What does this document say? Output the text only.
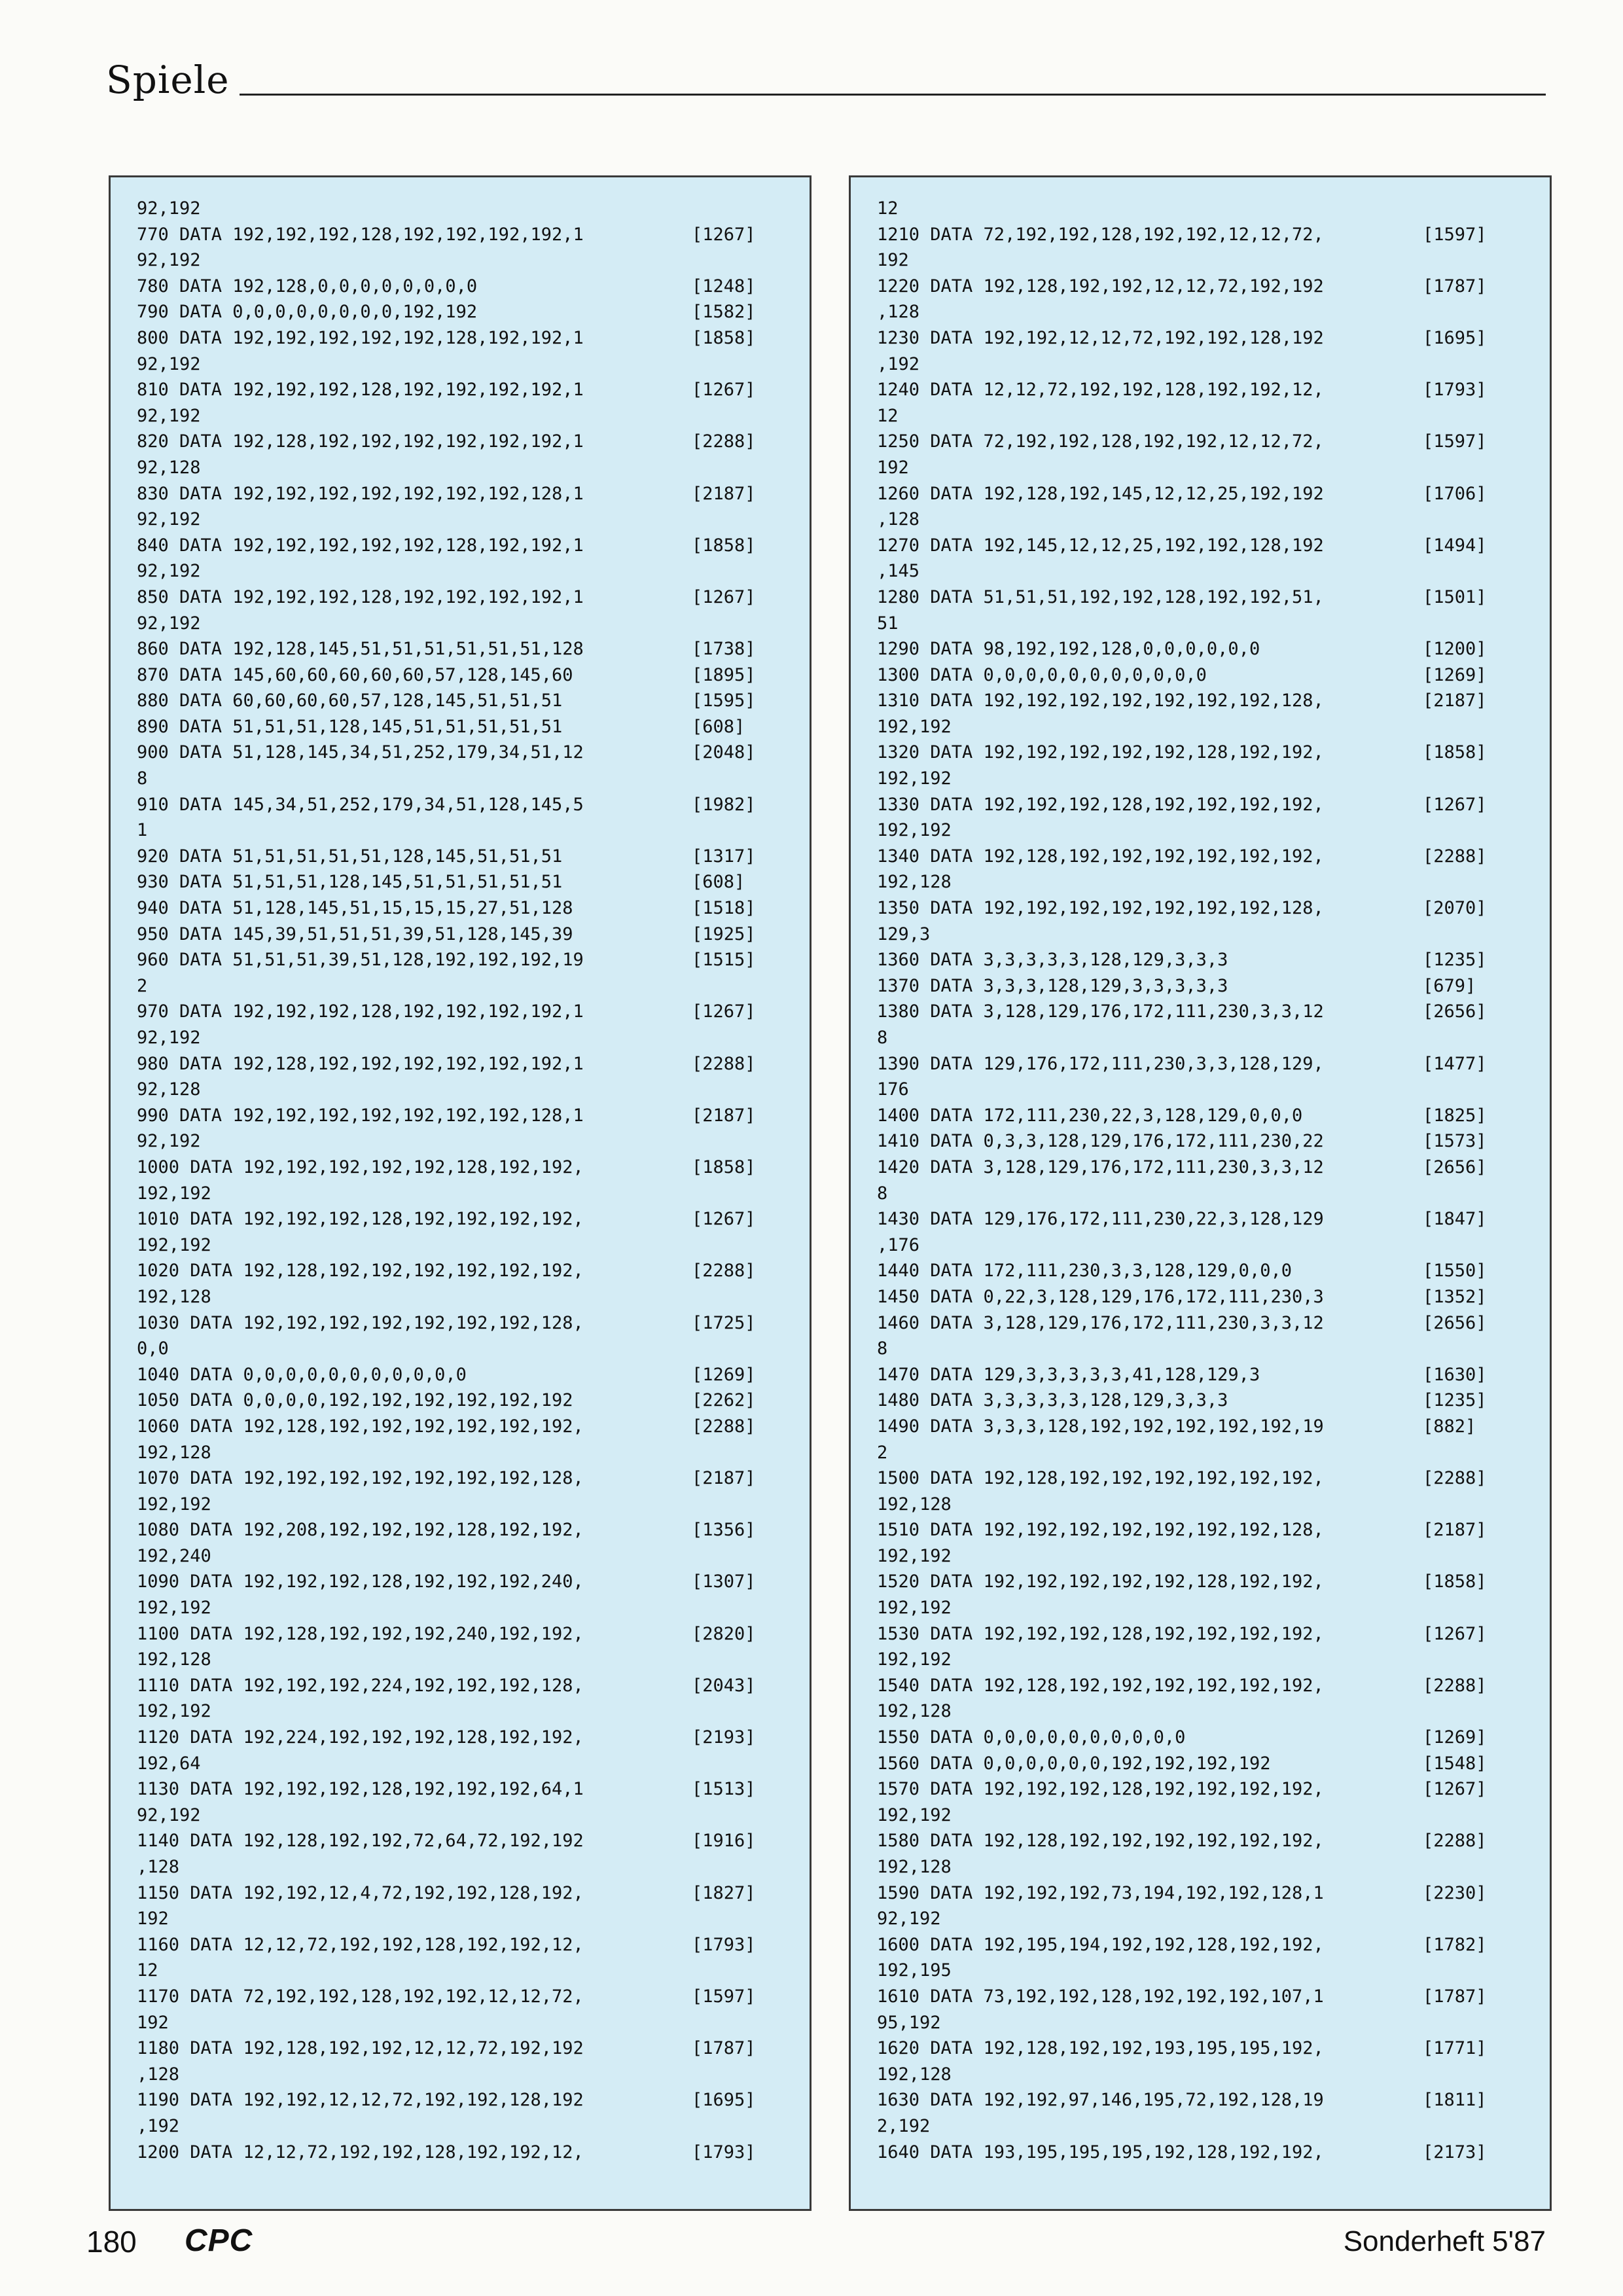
Spiele
92,192
770 DATA 192,192,192,128,192,192,192,192,1	[1267]
92,192
780 DATA 192,128,0,0,0,0,0,0,0,0	[1248]
790 DATA 0,0,0,0,0,0,0,0,192,192	[1582]
800 DATA 192,192,192,192,192,128,192,192,1	[1858]
92,192
810 DATA 192,192,192,128,192,192,192,192,1	[1267]
92,192
820 DATA 192,128,192,192,192,192,192,192,1	[2288]
92,128
830 DATA 192,192,192,192,192,192,192,128,1	[2187]
92,192
840 DATA 192,192,192,192,192,128,192,192,1	[1858]
92,192
850 DATA 192,192,192,128,192,192,192,192,1	[1267]
92,192
860 DATA 192,128,145,51,51,51,51,51,51,128	[1738]
870 DATA 145,60,60,60,60,60,57,128,145,60	[1895]
880 DATA 60,60,60,60,57,128,145,51,51,51	[1595]
890 DATA 51,51,51,128,145,51,51,51,51,51	[608]
900 DATA 51,128,145,34,51,252,179,34,51,12	[2048]
8
910 DATA 145,34,51,252,179,34,51,128,145,5	[1982]
1
920 DATA 51,51,51,51,51,128,145,51,51,51	[1317]
930 DATA 51,51,51,128,145,51,51,51,51,51	[608]
940 DATA 51,128,145,51,15,15,15,27,51,128	[1518]
950 DATA 145,39,51,51,51,39,51,128,145,39	[1925]
960 DATA 51,51,51,39,51,128,192,192,192,19	[1515]
2
970 DATA 192,192,192,128,192,192,192,192,1	[1267]
92,192
980 DATA 192,128,192,192,192,192,192,192,1	[2288]
92,128
990 DATA 192,192,192,192,192,192,192,128,1	[2187]
92,192
1000 DATA 192,192,192,192,192,128,192,192,	[1858]
192,192
1010 DATA 192,192,192,128,192,192,192,192,	[1267]
192,192
1020 DATA 192,128,192,192,192,192,192,192,	[2288]
192,128
1030 DATA 192,192,192,192,192,192,192,128,	[1725]
0,0
1040 DATA 0,0,0,0,0,0,0,0,0,0,0	[1269]
1050 DATA 0,0,0,0,192,192,192,192,192,192	[2262]
1060 DATA 192,128,192,192,192,192,192,192,	[2288]
192,128
1070 DATA 192,192,192,192,192,192,192,128,	[2187]
192,192
1080 DATA 192,208,192,192,192,128,192,192,	[1356]
192,240
1090 DATA 192,192,192,128,192,192,192,240,	[1307]
192,192
1100 DATA 192,128,192,192,192,240,192,192,	[2820]
192,128
1110 DATA 192,192,192,224,192,192,192,128,	[2043]
192,192
1120 DATA 192,224,192,192,192,128,192,192,	[2193]
192,64
1130 DATA 192,192,192,128,192,192,192,64,1	[1513]
92,192
1140 DATA 192,128,192,192,72,64,72,192,192	[1916]
,128
1150 DATA 192,192,12,4,72,192,192,128,192,	[1827]
192
1160 DATA 12,12,72,192,192,128,192,192,12,	[1793]
12
1170 DATA 72,192,192,128,192,192,12,12,72,	[1597]
192
1180 DATA 192,128,192,192,12,12,72,192,192	[1787]
,128
1190 DATA 192,192,12,12,72,192,192,128,192	[1695]
,192
1200 DATA 12,12,72,192,192,128,192,192,12,	[1793]
12
1210 DATA 72,192,192,128,192,192,12,12,72,	[1597]
192
1220 DATA 192,128,192,192,12,12,72,192,192	[1787]
,128
1230 DATA 192,192,12,12,72,192,192,128,192	[1695]
,192
1240 DATA 12,12,72,192,192,128,192,192,12,	[1793]
12
1250 DATA 72,192,192,128,192,192,12,12,72,	[1597]
192
1260 DATA 192,128,192,145,12,12,25,192,192	[1706]
,128
1270 DATA 192,145,12,12,25,192,192,128,192	[1494]
,145
1280 DATA 51,51,51,192,192,128,192,192,51,	[1501]
51
1290 DATA 98,192,192,128,0,0,0,0,0,0	[1200]
1300 DATA 0,0,0,0,0,0,0,0,0,0,0	[1269]
1310 DATA 192,192,192,192,192,192,192,128,	[2187]
192,192
1320 DATA 192,192,192,192,192,128,192,192,	[1858]
192,192
1330 DATA 192,192,192,128,192,192,192,192,	[1267]
192,192
1340 DATA 192,128,192,192,192,192,192,192,	[2288]
192,128
1350 DATA 192,192,192,192,192,192,192,128,	[2070]
129,3
1360 DATA 3,3,3,3,3,128,129,3,3,3	[1235]
1370 DATA 3,3,3,128,129,3,3,3,3,3	[679]
1380 DATA 3,128,129,176,172,111,230,3,3,12	[2656]
8
1390 DATA 129,176,172,111,230,3,3,128,129,	[1477]
176
1400 DATA 172,111,230,22,3,128,129,0,0,0	[1825]
1410 DATA 0,3,3,128,129,176,172,111,230,22	[1573]
1420 DATA 3,128,129,176,172,111,230,3,3,12	[2656]
8
1430 DATA 129,176,172,111,230,22,3,128,129	[1847]
,176
1440 DATA 172,111,230,3,3,128,129,0,0,0	[1550]
1450 DATA 0,22,3,128,129,176,172,111,230,3	[1352]
1460 DATA 3,128,129,176,172,111,230,3,3,12	[2656]
8
1470 DATA 129,3,3,3,3,3,41,128,129,3	[1630]
1480 DATA 3,3,3,3,3,128,129,3,3,3	[1235]
1490 DATA 3,3,3,128,192,192,192,192,192,19	[882]
2
1500 DATA 192,128,192,192,192,192,192,192,	[2288]
192,128
1510 DATA 192,192,192,192,192,192,192,128,	[2187]
192,192
1520 DATA 192,192,192,192,192,128,192,192,	[1858]
192,192
1530 DATA 192,192,192,128,192,192,192,192,	[1267]
192,192
1540 DATA 192,128,192,192,192,192,192,192,	[2288]
192,128
1550 DATA 0,0,0,0,0,0,0,0,0,0	[1269]
1560 DATA 0,0,0,0,0,0,192,192,192,192	[1548]
1570 DATA 192,192,192,128,192,192,192,192,	[1267]
192,192
1580 DATA 192,128,192,192,192,192,192,192,	[2288]
192,128
1590 DATA 192,192,192,73,194,192,192,128,1	[2230]
92,192
1600 DATA 192,195,194,192,192,128,192,192,	[1782]
192,195
1610 DATA 73,192,192,128,192,192,192,107,1	[1787]
95,192
1620 DATA 192,128,192,192,193,195,195,192,	[1771]
192,128
1630 DATA 192,192,97,146,195,72,192,128,19	[1811]
2,192
1640 DATA 193,195,195,195,192,128,192,192,	[2173]
180 CPC	Sonderheft 5'87
